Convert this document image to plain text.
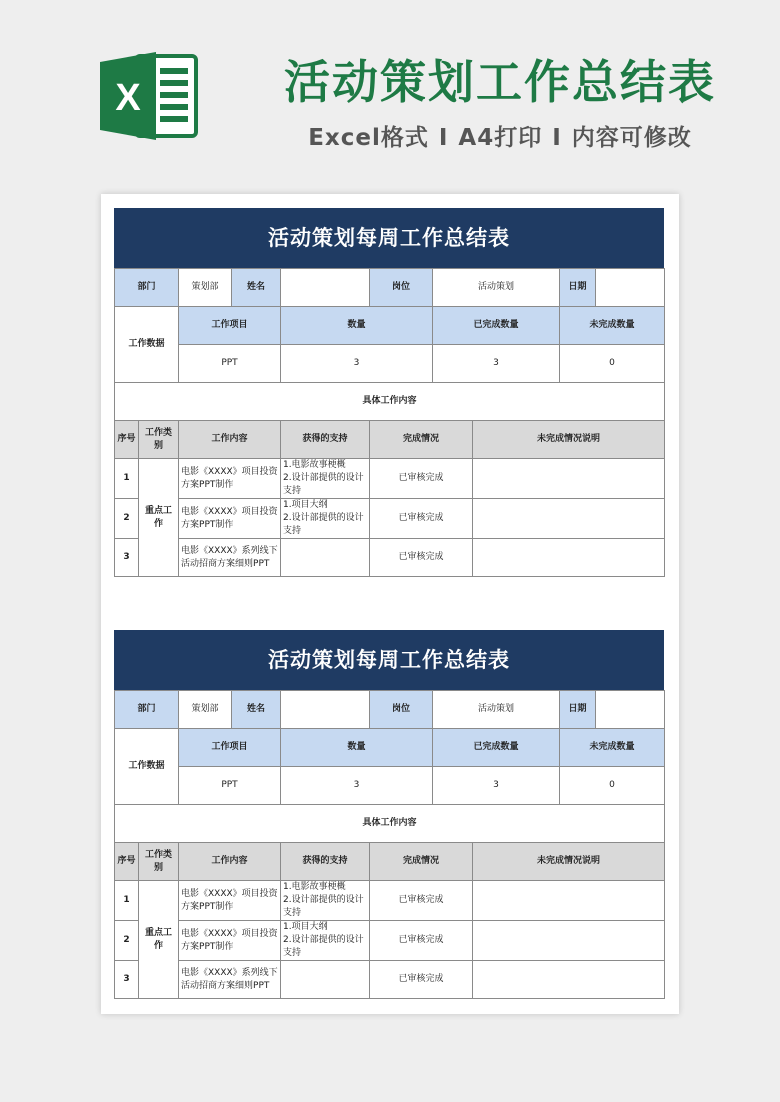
X	活动策划工作总结表
Excel格式 I A4打印 I 内容可修改
活动策划每周工作总结表
部门		策划部 姓名		岗位	活动策划		日期

工作数据		工作项目	数量		已完成数量		未完成数量
		PPT	3		3		0
具体工作内容							
序号	工作类别	工作内容	获得的支持	完成情况		未完成情况说明	
1	重点工作	电影《XXXX》项目投资方案PPT制作	1.电影故事梗概
2.设计部提供的设计支持	已审核完成			
2		电影《XXXX》项目投资方案PPT制作	1.项目大纲
2.设计部提供的设计支持	已审核完成			
3		电影《XXXX》系列线下活动招商方案细则PPT		已审核完成			
活动策划每周工作总结表
部门		策划部 姓名		岗位	活动策划		日期

工作数据		工作项目	数量		已完成数量		未完成数量
		PPT	3		3		0
具体工作内容							
序号	工作类别	工作内容	获得的支持	完成情况		未完成情况说明	
1	重点工作	电影《XXXX》项目投资方案PPT制作	1.电影故事梗概
2.设计部提供的设计支持	已审核完成			
2		电影《XXXX》项目投资方案PPT制作	1.项目大纲
2.设计部提供的设计支持	已审核完成			
3		电影《XXXX》系列线下活动招商方案细则PPT		已审核完成			
